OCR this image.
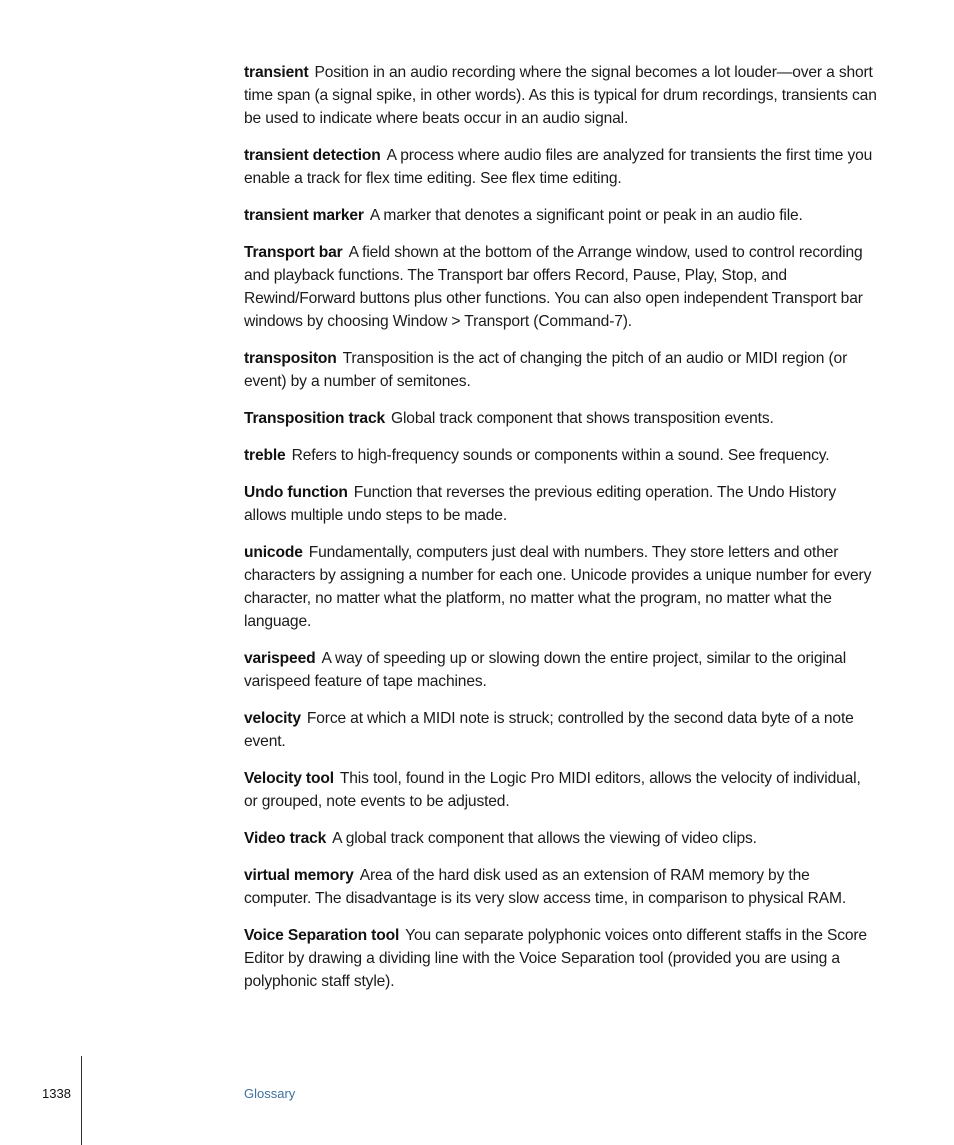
transient Position in an audio recording where the signal becomes a lot louder—over a short time span (a signal spike, in other words). As this is typical for drum recordings, transients can be used to indicate where beats occur in an audio signal.

transient detection A process where audio files are analyzed for transients the first time you enable a track for flex time editing. See flex time editing.

transient marker A marker that denotes a significant point or peak in an audio file.

Transport bar A field shown at the bottom of the Arrange window, used to control recording and playback functions. The Transport bar offers Record, Pause, Play, Stop, and Rewind/Forward buttons plus other functions. You can also open independent Transport bar windows by choosing Window > Transport (Command-7).

transpositon Transposition is the act of changing the pitch of an audio or MIDI region (or event) by a number of semitones.

Transposition track Global track component that shows transposition events.

treble Refers to high-frequency sounds or components within a sound. See frequency.

Undo function Function that reverses the previous editing operation. The Undo History allows multiple undo steps to be made.

unicode Fundamentally, computers just deal with numbers. They store letters and other characters by assigning a number for each one. Unicode provides a unique number for every character, no matter what the platform, no matter what the program, no matter what the language.

varispeed A way of speeding up or slowing down the entire project, similar to the original varispeed feature of tape machines.

velocity Force at which a MIDI note is struck; controlled by the second data byte of a note event.

Velocity tool This tool, found in the Logic Pro MIDI editors, allows the velocity of individual, or grouped, note events to be adjusted.

Video track A global track component that allows the viewing of video clips.

virtual memory Area of the hard disk used as an extension of RAM memory by the computer. The disadvantage is its very slow access time, in comparison to physical RAM.

Voice Separation tool You can separate polyphonic voices onto different staffs in the Score Editor by drawing a dividing line with the Voice Separation tool (provided you are using a polyphonic staff style).

1338	Glossary
